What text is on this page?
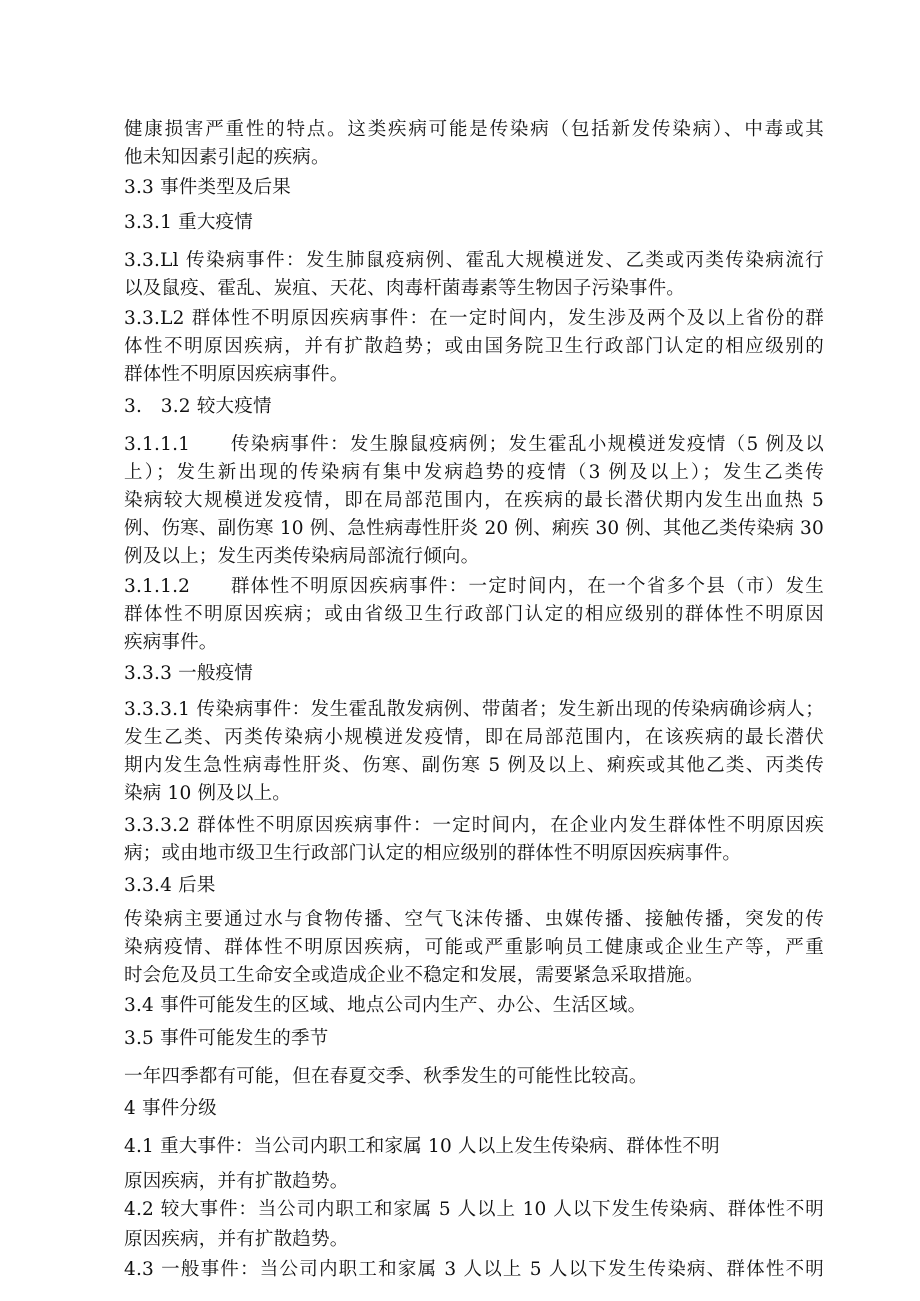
健康损害严重性的特点。这类疾病可能是传染病（包括新发传染病）、中毒或其
他未知因素引起的疾病。
3.3 事件类型及后果
3.3.1 重大疫情
3.3.Ll 传染病事件：发生肺鼠疫病例、霍乱大规模迸发、乙类或丙类传染病流行
以及鼠疫、霍乱、炭疽、天花、肉毒杆菌毒素等生物因子污染事件。
3.3.L2 群体性不明原因疾病事件：在一定时间内，发生涉及两个及以上省份的群
体性不明原因疾病，并有扩散趋势；或由国务院卫生行政部门认定的相应级别的
群体性不明原因疾病事件。
3.　3.2 较大疫情
3.1.1.1　　传染病事件：发生腺鼠疫病例；发生霍乱小规模迸发疫情（5 例及以
上）；发生新出现的传染病有集中发病趋势的疫情（3 例及以上）；发生乙类传
染病较大规模迸发疫情，即在局部范围内，在疾病的最长潜伏期内发生出血热 5
例、伤寒、副伤寒 10 例、急性病毒性肝炎 20 例、痢疾 30 例、其他乙类传染病 30
例及以上；发生丙类传染病局部流行倾向。
3.1.1.2　　群体性不明原因疾病事件：一定时间内，在一个省多个县（市）发生
群体性不明原因疾病；或由省级卫生行政部门认定的相应级别的群体性不明原因
疾病事件。
3.3.3 一般疫情
3.3.3.1 传染病事件：发生霍乱散发病例、带菌者；发生新出现的传染病确诊病人；
发生乙类、丙类传染病小规模迸发疫情，即在局部范围内，在该疾病的最长潜伏
期内发生急性病毒性肝炎、伤寒、副伤寒 5 例及以上、痢疾或其他乙类、丙类传
染病 10 例及以上。
3.3.3.2 群体性不明原因疾病事件：一定时间内，在企业内发生群体性不明原因疾
病；或由地市级卫生行政部门认定的相应级别的群体性不明原因疾病事件。
3.3.4 后果
传染病主要通过水与食物传播、空气飞沫传播、虫媒传播、接触传播，突发的传
染病疫情、群体性不明原因疾病，可能或严重影响员工健康或企业生产等，严重
时会危及员工生命安全或造成企业不稳定和发展，需要紧急采取措施。
3.4 事件可能发生的区域、地点公司内生产、办公、生活区域。
3.5 事件可能发生的季节
一年四季都有可能，但在春夏交季、秋季发生的可能性比较高。
4 事件分级
4.1 重大事件：当公司内职工和家属 10 人以上发生传染病、群体性不明
原因疾病，并有扩散趋势。
4.2 较大事件：当公司内职工和家属 5 人以上 10 人以下发生传染病、群体性不明
原因疾病，并有扩散趋势。
4.3 一般事件：当公司内职工和家属 3 人以上 5 人以下发生传染病、群体性不明
